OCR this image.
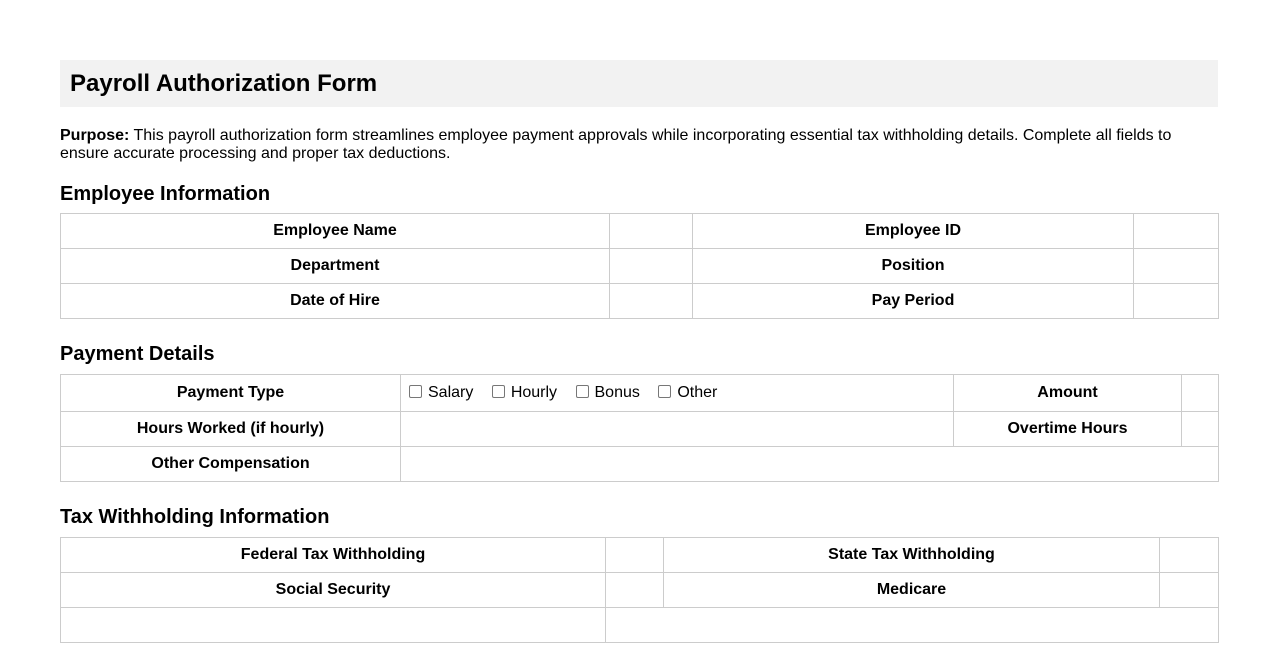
Payroll Authorization Form

Purpose: This payroll authorization form streamlines employee payment approvals while incorporating essential tax withholding details. Complete all fields to ensure accurate processing and proper tax deductions.

Employee Information
Employee Name		Employee ID	
Department		Position	
Date of Hire		Pay Period	
Payment Details
Payment Type	Salary Hourly Bonus Other	Amount	
Hours Worked (if hourly)		Overtime Hours	
Other Compensation			
Tax Withholding Information
Federal Tax Withholding		State Tax Withholding	
Social Security		Medicare	
